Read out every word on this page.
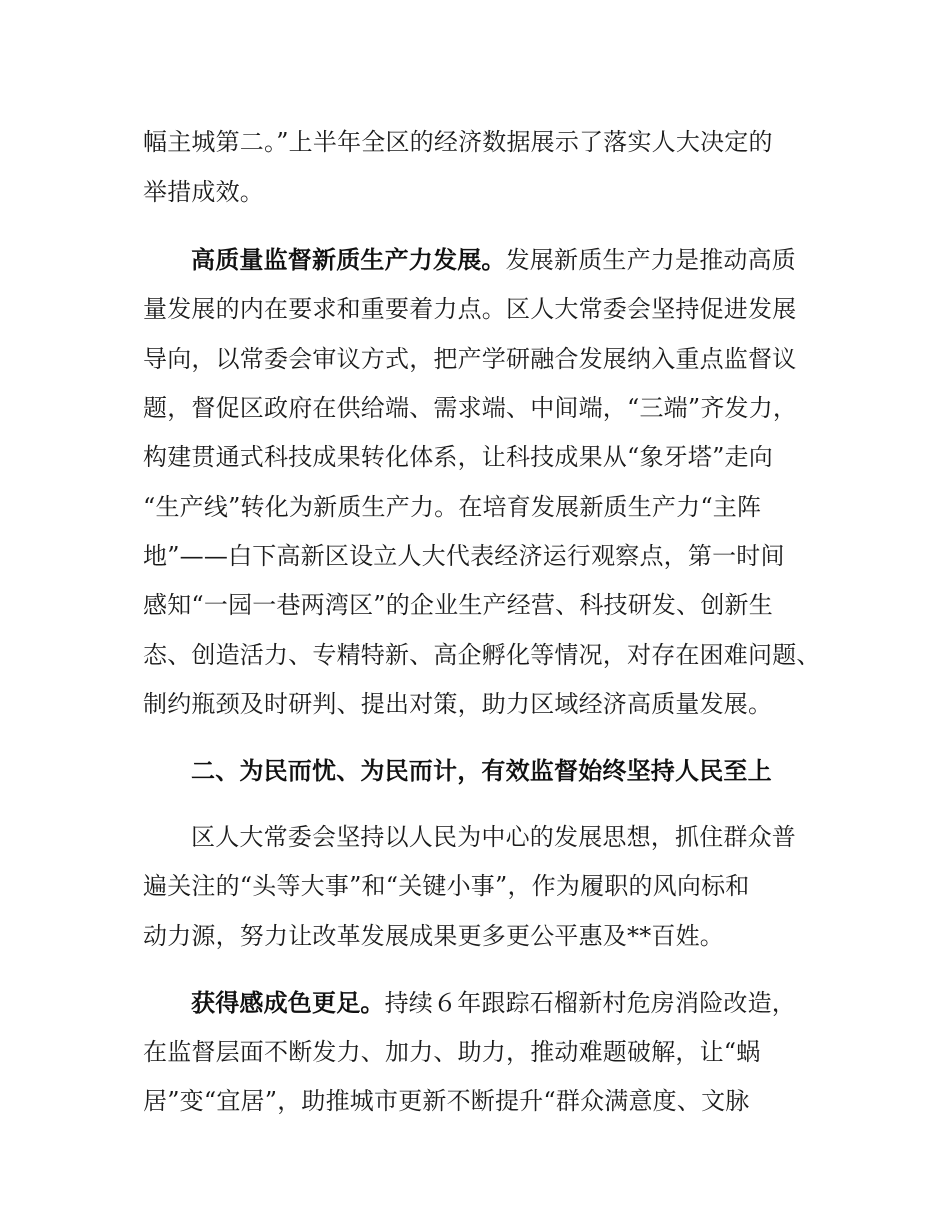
幅主城第二。”上半年全区的经济数据展示了落实人大决定的
举措成效。
高质量监督新质生产力发展。发展新质生产力是推动高质
量发展的内在要求和重要着力点。区人大常委会坚持促进发展
导向，以常委会审议方式，把产学研融合发展纳入重点监督议
题，督促区政府在供给端、需求端、中间端，“三端”齐发力，
构建贯通式科技成果转化体系，让科技成果从“象牙塔”走向
“生产线”转化为新质生产力。在培育发展新质生产力“主阵
地”——白下高新区设立人大代表经济运行观察点，第一时间
感知“一园一巷两湾区”的企业生产经营、科技研发、创新生
态、创造活力、专精特新、高企孵化等情况，对存在困难问题、
制约瓶颈及时研判、提出对策，助力区域经济高质量发展。
二、为民而忧、为民而计，有效监督始终坚持人民至上
区人大常委会坚持以人民为中心的发展思想，抓住群众普
遍关注的“头等大事”和“关键小事”，作为履职的风向标和
动力源，努力让改革发展成果更多更公平惠及**百姓。
获得感成色更足。持续６年跟踪石榴新村危房消险改造，
在监督层面不断发力、加力、助力，推动难题破解，让“蜗
居”变“宜居”，助推城市更新不断提升“群众满意度、文脉
